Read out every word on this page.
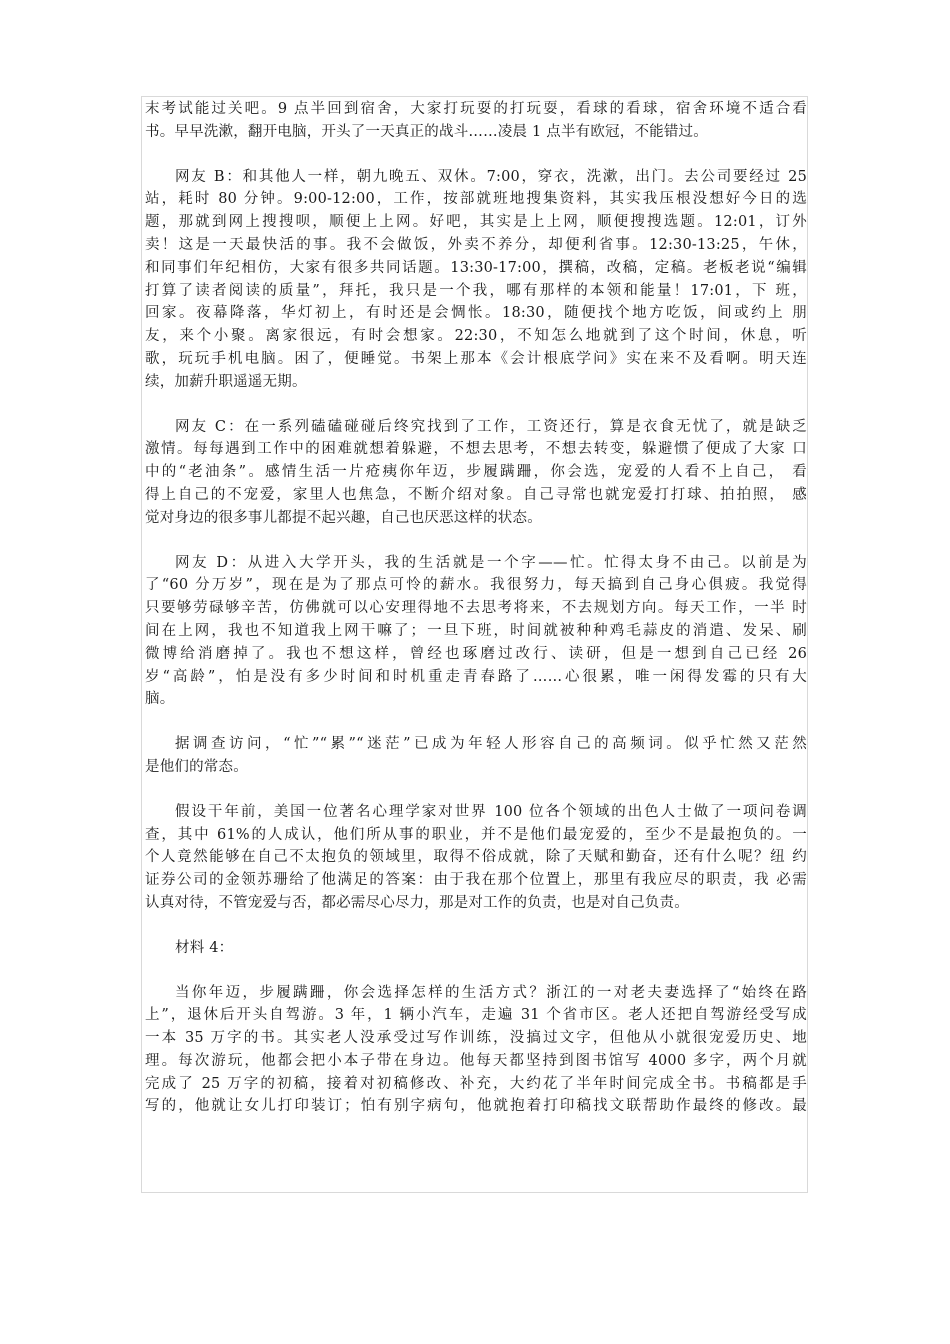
末考试能过关吧。9 点半回到宿舍，大家打玩耍的打玩耍，看球的看球，宿舍环境不适合看
书。早早洗漱，翻开电脑，开头了一天真正的战斗……凌晨 1 点半有欧冠，不能错过。
网友 B：和其他人一样，朝九晚五、双休。7:00，穿衣，洗漱，出门。去公司要经过 25
站，耗时 80 分钟。9:00-12:00，工作，按部就班地搜集资料，其实我压根没想好今日的选
题，那就到网上搜搜呗，顺便上上网。好吧，其实是上上网，顺便搜搜选题。12:01，订外
卖！这是一天最快活的事。我不会做饭，外卖不养分，却便利省事。12:30-13:25，午休，
和同事们年纪相仿，大家有很多共同话题。13:30-17:00，撰稿，改稿，定稿。老板老说“编辑
打算了读者阅读的质量”，拜托，我只是一个我，哪有那样的本领和能量！17:01，下 班，
回家。夜幕降落，华灯初上，有时还是会惆怅。18:30，随便找个地方吃饭，间或约上 朋
友，来个小聚。离家很远，有时会想家。22:30，不知怎么地就到了这个时间，休息，听
歌，玩玩手机电脑。困了，便睡觉。书架上那本《会计根底学问》实在来不及看啊。明天连
续，加薪升职遥遥无期。
网友 C：在一系列磕磕碰碰后终究找到了工作，工资还行，算是衣食无忧了，就是缺乏
激情。每每遇到工作中的困难就想着躲避，不想去思考，不想去转变，躲避惯了便成了大家 口
中的“老油条”。感情生活一片疮痍你年迈，步履蹒跚，你会选，宠爱的人看不上自己， 看
得上自己的不宠爱，家里人也焦急，不断介绍对象。自己寻常也就宠爱打打球、拍拍照， 感
觉对身边的很多事儿都提不起兴趣，自己也厌恶这样的状态。
网友 D：从进入大学开头，我的生活就是一个字——忙。忙得太身不由己。以前是为
了“60 分万岁”，现在是为了那点可怜的薪水。我很努力，每天搞到自己身心俱疲。我觉得
只要够劳碌够辛苦，仿佛就可以心安理得地不去思考将来，不去规划方向。每天工作，一半 时
间在上网，我也不知道我上网干嘛了；一旦下班，时间就被种种鸡毛蒜皮的消遣、发呆、刷
微博给消磨掉了。我也不想这样，曾经也琢磨过改行、读研，但是一想到自己已经 26
岁“高龄”，怕是没有多少时间和时机重走青春路了……心很累，唯一闲得发霉的只有大
脑。
据调查访问，“忙”“累”“迷茫”已成为年轻人形容自己的高频词。似乎忙然又茫然
是他们的常态。
假设干年前，美国一位著名心理学家对世界 100 位各个领域的出色人士做了一项问卷调
查，其中 61%的人成认，他们所从事的职业，并不是他们最宠爱的，至少不是最抱负的。一
个人竟然能够在自己不太抱负的领域里，取得不俗成就，除了天赋和勤奋，还有什么呢？纽 约
证券公司的金领苏珊给了他满足的答案：由于我在那个位置上，那里有我应尽的职责，我 必需
认真对待，不管宠爱与否，都必需尽心尽力，那是对工作的负责，也是对自己负责。
材料 4：
当你年迈，步履蹒跚，你会选择怎样的生活方式？浙江的一对老夫妻选择了“始终在路
上”，退休后开头自驾游。3 年，1 辆小汽车，走遍 31 个省市区。老人还把自驾游经受写成
一本 35 万字的书。其实老人没承受过写作训练，没搞过文字，但他从小就很宠爱历史、地
理。每次游玩，他都会把小本子带在身边。他每天都坚持到图书馆写 4000 多字，两个月就
完成了 25 万字的初稿，接着对初稿修改、补充，大约花了半年时间完成全书。书稿都是手
写的，他就让女儿打印装订；怕有别字病句，他就抱着打印稿找文联帮助作最终的修改。最
